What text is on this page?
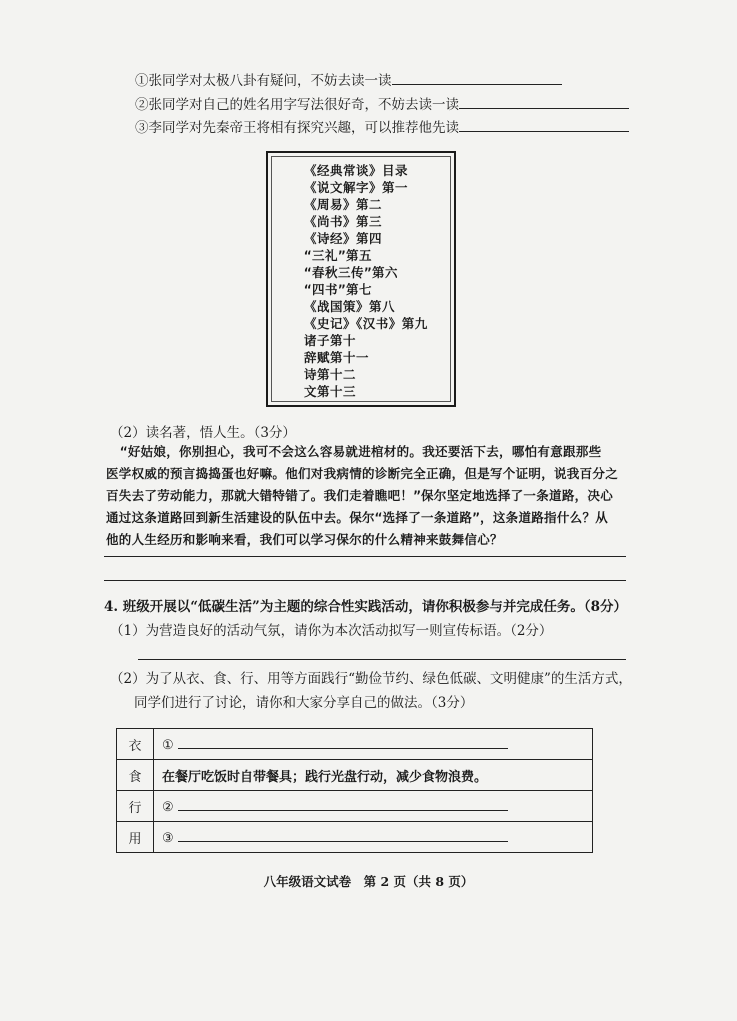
①张同学对太极八卦有疑问，不妨去读一读
②张同学对自己的姓名用字写法很好奇，不妨去读一读
③李同学对先秦帝王将相有探究兴趣，可以推荐他先读
《经典常谈》目录
《说文解字》第一
《周易》第二
《尚书》第三
《诗经》第四
“三礼”第五
“春秋三传”第六
“四书”第七
《战国策》第八
《史记》《汉书》第九
诸子第十
辞赋第十一
诗第十二
文第十三
（2）读名著，悟人生。（3分）
“好姑娘，你别担心，我可不会这么容易就进棺材的。我还要活下去，哪怕有意跟那些
医学权威的预言捣捣蛋也好嘛。他们对我病情的诊断完全正确，但是写个证明，说我百分之
百失去了劳动能力，那就大错特错了。我们走着瞧吧！”保尔坚定地选择了一条道路，决心
通过这条道路回到新生活建设的队伍中去。保尔“选择了一条道路”，这条道路指什么？从
他的人生经历和影响来看，我们可以学习保尔的什么精神来鼓舞信心？
4. 班级开展以“低碳生活”为主题的综合性实践活动，请你积极参与并完成任务。（8分）
（1）为营造良好的活动气氛，请你为本次活动拟写一则宣传标语。（2分）
（2）为了从衣、食、行、用等方面践行“勤俭节约、绿色低碳、文明健康”的生活方式，
同学们进行了讨论，请你和大家分享自己的做法。（3分）
衣	①
食	在餐厅吃饭时自带餐具；践行光盘行动，减少食物浪费。
行	②
用	③
八年级语文试卷　第 2 页（共 8 页）
